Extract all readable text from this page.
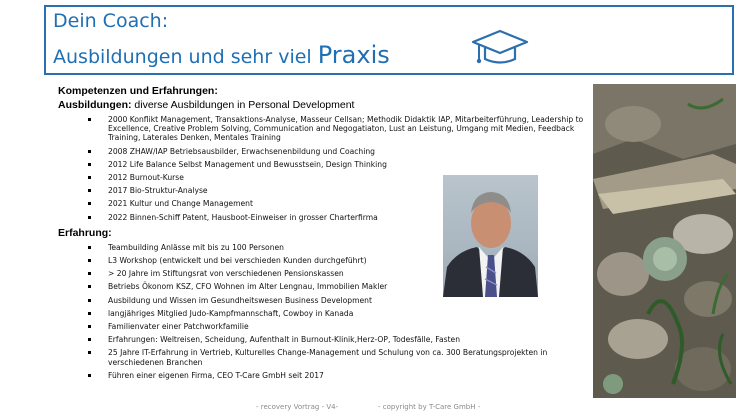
Dein Coach:
Ausbildungen und sehr viel Praxis
Kompetenzen und Erfahrungen:
Ausbildungen: diverse Ausbildungen in Personal Development
2000 Konflikt Management, Transaktions-Analyse, Masseur Cellsan; Methodik Didaktik IAP, Mitarbeiterführung, Leadership to Excellence, Creative Problem Solving, Communication and Negogatiaton, Lust an Leistung, Umgang mit Medien, Feedback Training, Laterales Denken, Mentales Training
2008 ZHAW/IAP Betriebsausbilder, Erwachsenenbildung und Coaching
2012 Life Balance Selbst Management und Bewusstsein, Design Thinking
2012 Burnout-Kurse
2017 Bio-Struktur-Analyse
2021 Kultur und Change Management
2022 Binnen-Schiff Patent, Hausboot-Einweiser in grosser Charterfirma
Erfahrung:
Teambuilding Anlässe mit bis zu 100 Personen
L3 Workshop (entwickelt und bei verschieden Kunden durchgeführt)
> 20 Jahre im Stiftungsrat von verschiedenen Pensionskassen
Betriebs Ökonom KSZ, CFO Wohnen im Alter Lengnau, Immobilien Makler
Ausbildung und Wissen im Gesundheitswesen Business Development
langjähriges Mitglied Judo-Kampfmannschaft, Cowboy in Kanada
Familienvater einer Patchworkfamilie
Erfahrungen: Weltreisen, Scheidung, Aufenthalt in Burnout-Klinik,Herz-OP, Todesfälle, Fasten
25 Jahre IT-Erfahrung in Vertrieb, Kulturelles Change-Management und Schulung von ca. 300 Beratungsprojekten in verschiedenen Branchen
Führen einer eigenen Firma, CEO T-Care GmbH seit 2017
- recovery Vortrag - V4-	- copyright by T-Care GmbH -
